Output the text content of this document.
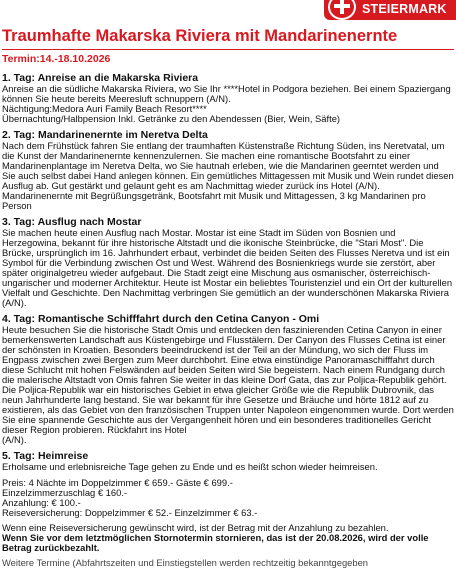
STEIERMARK
Traumhafte Makarska Riviera mit Mandarinenernte
Termin:14.-18.10.2026
1. Tag: Anreise an die Makarska Riviera
Anreise an die südliche Makarska Riviera, wo Sie Ihr ****Hotel in Podgora beziehen. Bei einem Spaziergang können Sie heute bereits Meeresluft schnuppern (A/N).
Nächtigung:Medora Auri Family Beach Resort****
Übernachtung/Halbpension Inkl. Getränke zu den Abendessen (Bier, Wein, Säfte)
2. Tag: Mandarinenernte im Neretva Delta
Nach dem Frühstück fahren Sie entlang der traumhaften Küstenstraße Richtung Süden, ins Neretvatal, um die Kunst der Mandarinenernte kennenzulernen. Sie machen eine romantische Bootsfahrt zu einer Mandarinenplantage im Neretva Delta, wo Sie hautnah erleben, wie die Mandarinen geerntet werden und Sie auch selbst dabei Hand anlegen können. Ein gemütliches Mittagessen mit Musik und Wein rundet diesen Ausflug ab. Gut gestärkt und gelaunt geht es am Nachmittag wieder zurück ins Hotel (A/N).
Mandarinenernte mit Begrüßungsgetränk, Bootsfahrt mit Musik und Mittagessen, 3 kg Mandarinen pro Person
3. Tag: Ausflug nach Mostar
Sie machen heute einen Ausflug nach Mostar. Mostar ist eine Stadt im Süden von Bosnien und Herzegowina, bekannt für ihre historische Altstadt und die ikonische Steinbrücke, die "Stari Most". Die Brücke, ursprünglich im 16. Jahrhundert erbaut, verbindet die beiden Seiten des Flusses Neretva und ist ein Symbol für die Verbindung zwischen Ost und West. Während des Bosnienkriegs wurde sie zerstört, aber später originalgetreu wieder aufgebaut. Die Stadt zeigt eine Mischung aus osmanischer, österreichisch-ungarischer und moderner Architektur. Heute ist Mostar ein beliebtes Touristenziel und ein Ort der kulturellen Vielfalt und Geschichte. Den Nachmittag verbringen Sie gemütlich an der wunderschönen Makarska Riviera (A/N).
4. Tag: Romantische Schifffahrt durch den Cetina Canyon - Omi
Heute besuchen Sie die historische Stadt Omis und entdecken den faszinierenden Cetina Canyon in einer bemerkenswerten Landschaft aus Küstengebirge und Flusstälern. Der Canyon des Flusses Cetina ist einer der schönsten in Kroatien. Besonders beeindruckend ist der Teil an der Mündung, wo sich der Fluss im Engpass zwischen zwei Bergen zum Meer durchbohrt. Eine etwa einstündige Panoramaschifffahrt durch diese Schlucht mit hohen Felswänden auf beiden Seiten wird Sie begeistern. Nach einem Rundgang durch die malerische Altstadt von Omis fahren Sie weiter in das kleine Dorf Gata, das zur Poljica-Republik gehört. Die Poljica-Republik war ein historisches Gebiet in etwa gleicher Größe wie die Republik Dubrovnik, das neun Jahrhunderte lang bestand. Sie war bekannt für ihre Gesetze und Bräuche und hörte 1812 auf zu existieren, als das Gebiet von den französischen Truppen unter Napoleon eingenommen wurde. Dort werden Sie eine spannende Geschichte aus der Vergangenheit hören und ein besonderes traditionelles Gericht dieser Region probieren. Rückfahrt ins Hotel
(A/N).
5. Tag: Heimreise
Erholsame und erlebnisreiche Tage gehen zu Ende und es heißt schon wieder heimreisen.
Preis: 4 Nächte im Doppelzimmer € 659.- Gäste € 699.-
Einzelzimmerzuschlag € 160.-
Anzahlung: € 100.-
Reiseversicherung: Doppelzimmer € 52.- Einzelzimmer € 63.-
Wenn eine Reiseversicherung gewünscht wird, ist der Betrag mit der Anzahlung zu bezahlen.
Wenn Sie vor dem letztmöglichen Stornotermin stornieren, das ist der 20.08.2026, wird der volle Betrag zurückbezahlt.
Weitere Termine (Abfahrtszeiten und Einstiegstellen werden rechtzeitig bekanntgegeben
